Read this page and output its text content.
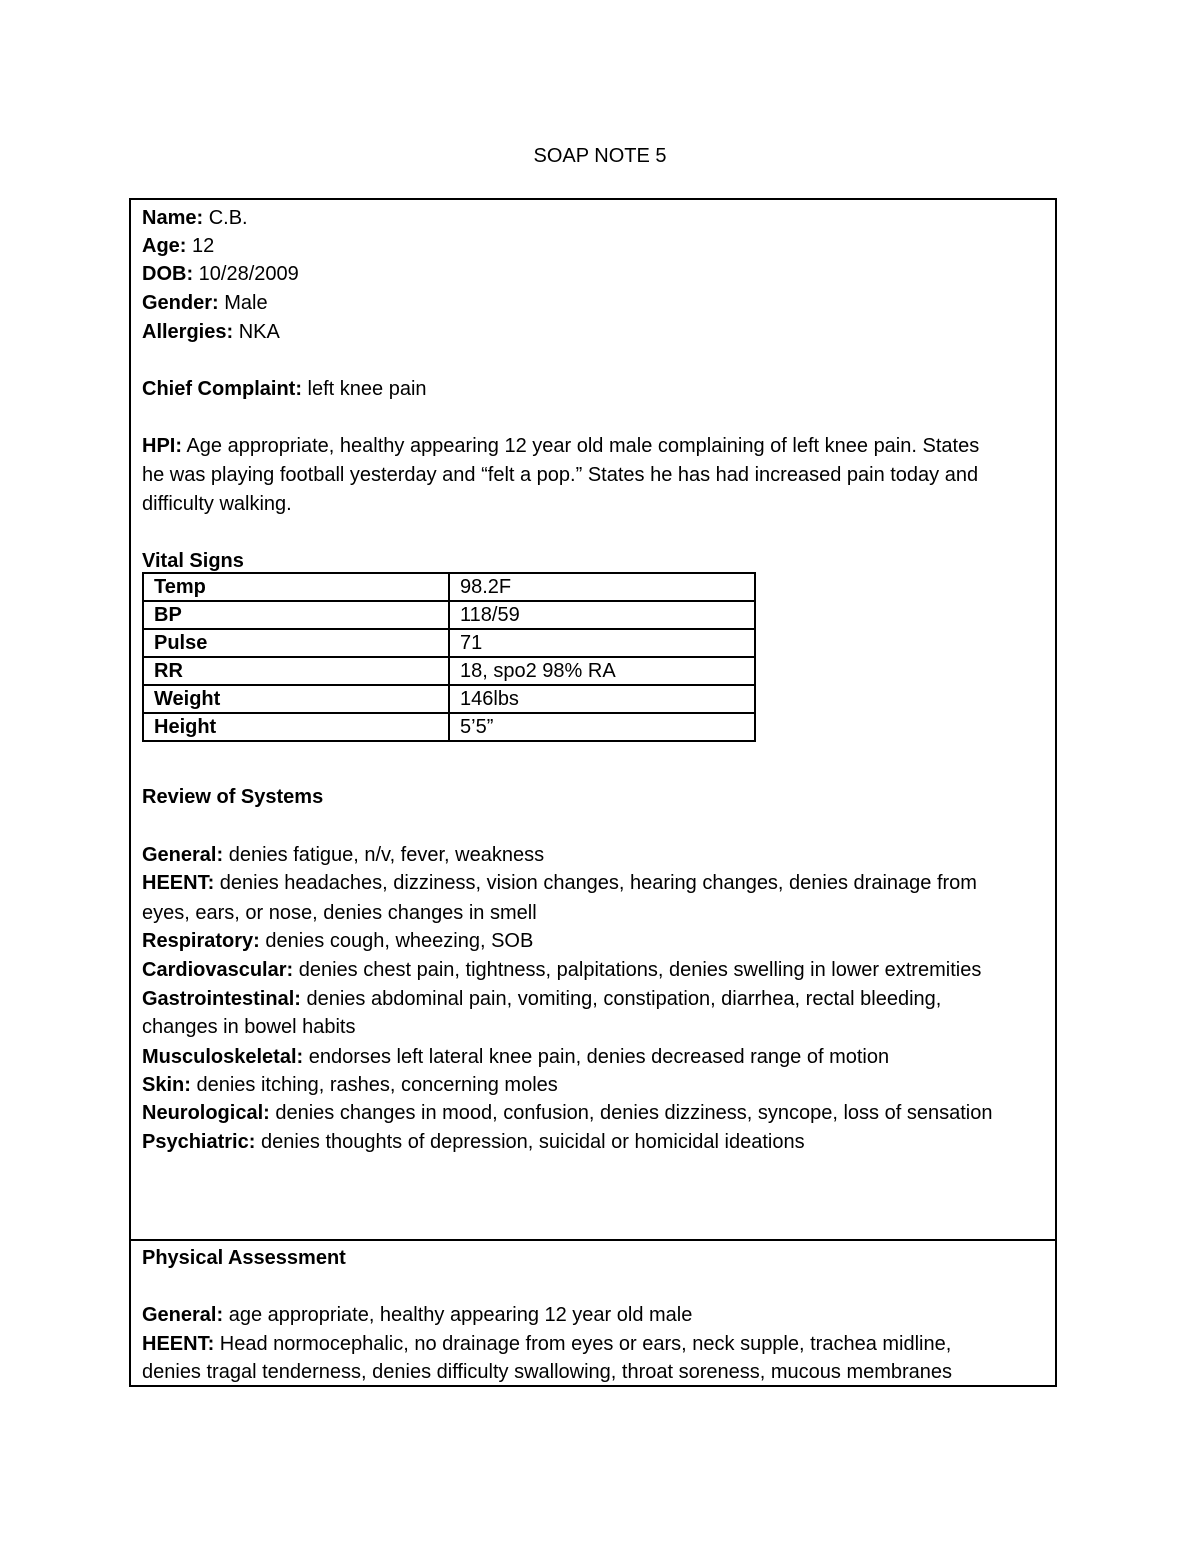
SOAP NOTE 5
Name: C.B.
Age: 12
DOB: 10/28/2009
Gender: Male
Allergies: NKA
Chief Complaint: left knee pain
HPI: Age appropriate, healthy appearing 12 year old male complaining of left knee pain. States
he was playing football yesterday and “felt a pop.” States he has had increased pain today and
difficulty walking.
Vital Signs
Temp	98.2F
BP	118/59
Pulse	71
RR	18, spo2 98% RA
Weight	146lbs
Height	5’5”
Review of Systems
General: denies fatigue, n/v, fever, weakness
HEENT: denies headaches, dizziness, vision changes, hearing changes, denies drainage from
eyes, ears, or nose, denies changes in smell
Respiratory: denies cough, wheezing, SOB
Cardiovascular: denies chest pain, tightness, palpitations, denies swelling in lower extremities
Gastrointestinal: denies abdominal pain, vomiting, constipation, diarrhea, rectal bleeding,
changes in bowel habits
Musculoskeletal: endorses left lateral knee pain, denies decreased range of motion
Skin: denies itching, rashes, concerning moles
Neurological: denies changes in mood, confusion, denies dizziness, syncope, loss of sensation
Psychiatric: denies thoughts of depression, suicidal or homicidal ideations
Physical Assessment
General: age appropriate, healthy appearing 12 year old male
HEENT: Head normocephalic, no drainage from eyes or ears, neck supple, trachea midline,
denies tragal tenderness, denies difficulty swallowing, throat soreness, mucous membranes
